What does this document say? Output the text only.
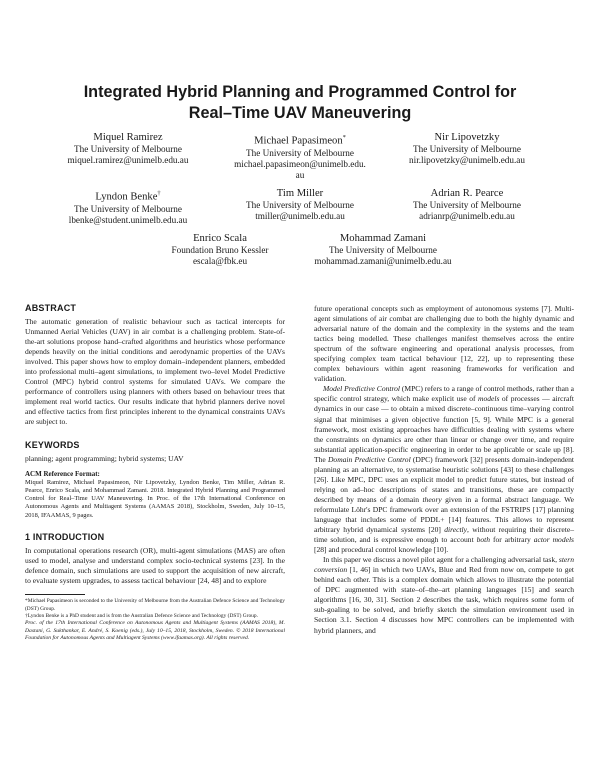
Integrated Hybrid Planning and Programmed Control for
Real–Time UAV Maneuvering
Miquel Ramirez
The University of Melbourne
miquel.ramirez@unimelb.edu.au
Michael Papasimeon*
The University of Melbourne
michael.papasimeon@unimelb.edu.
au
Nir Lipovetzky
The University of Melbourne
nir.lipovetzky@unimelb.edu.au
Lyndon Benke†
The University of Melbourne
lbenke@student.unimelb.edu.au
Tim Miller
The University of Melbourne
tmiller@unimelb.edu.au
Adrian R. Pearce
The University of Melbourne
adrianrp@unimelb.edu.au
Enrico Scala
Foundation Bruno Kessler
escala@fbk.eu
Mohammad Zamani
The University of Melbourne
mohammad.zamani@unimelb.edu.au
ABSTRACT

The automatic generation of realistic behaviour such as tactical intercepts for Unmanned Aerial Vehicles (UAV) in air combat is a challenging problem. State-of-the-art solutions propose hand–crafted algorithms and heuristics whose performance depends heavily on the initial conditions and aerodynamic properties of the UAVs involved. This paper shows how to employ domain–independent planners, embedded into professional multi–agent simulations, to implement two–level Model Predictive Control (MPC) hybrid control systems for simulated UAVs. We compare the performance of controllers using planners with others based on behaviour trees that implement real world tactics. Our results indicate that hybrid planners derive novel and effective tactics from first principles inherent to the dynamical constraints UAVs are subject to.

KEYWORDS

planning; agent programming; hybrid systems; UAV

ACM Reference Format:

Miquel Ramirez, Michael Papasimeon, Nir Lipovetzky, Lyndon Benke, Tim Miller, Adrian R. Pearce, Enrico Scala, and Mohammad Zamani. 2018. Integrated Hybrid Planning and Programmed Control for Real–Time UAV Maneuvering. In Proc. of the 17th International Conference on Autonomous Agents and Multiagent Systems (AAMAS 2018), Stockholm, Sweden, July 10–15, 2018, IFAAMAS, 9 pages.

1 INTRODUCTION

In computational operations research (OR), multi-agent simulations (MAS) are often used to model, analyse and understand complex socio-technical systems [23]. In the defence domain, such simulations are used to support the acquisition of new aircraft, to evaluate system upgrades, to assess tactical behaviour [24, 48] and to explore

*Michael Papasimeon is seconded to the University of Melbourne from the Australian Defence Science and Technology (DST) Group.

†Lyndon Benke is a PhD student and is from the Australian Defence Science and Technology (DST) Group.

Proc. of the 17th International Conference on Autonomous Agents and Multiagent Systems (AAMAS 2018), M. Dastani, G. Sukthankar, E. André, S. Koenig (eds.), July 10–15, 2018, Stockholm, Sweden. © 2018 International Foundation for Autonomous Agents and Multiagent Systems (www.ifaamas.org). All rights reserved.

future operational concepts such as employment of autonomous systems [7]. Multi-agent simulations of air combat are challenging due to both the highly dynamic and adversarial nature of the domain and the complexity in the systems and the team tactics being modelled. These challenges manifest themselves across the entire spectrum of the software engineering and operational analysis processes, from specifying complex team tactical behaviour [12, 22], up to representing these complex behaviours within agent reasoning frameworks for verification and validation.

Model Predictive Control (MPC) refers to a range of control methods, rather than a specific control strategy, which make explicit use of models of processes — aircraft dynamics in our case — to obtain a mixed discrete–continuous time–varying control signal that minimises a given objective function [5, 9]. While MPC is a general framework, most existing approaches have difficulties dealing with systems where the constraints on dynamics are other than linear or change over time, and require substantial application-specific engineering in order to be applicable or scale up [8]. The Domain Predictive Control (DPC) framework [32] presents domain-independent planning as an alternative, to systematise heuristic solutions [43] to these challenges [26]. Like MPC, DPC uses an explicit model to predict future states, but instead of relying on ad–hoc descriptions of states and transitions, these are compactly described by means of a domain theory given in a formal abstract language. We reformulate Löhr's DPC framework over an extension of the FSTRIPS [17] planning language that includes some of PDDL+ [14] features. This allows to represent arbitrary hybrid dynamical systems [20] directly, without requiring their discrete–time solution, and is expressive enough to account both for arbitrary actor models [28] and procedural control knowledge [10].

In this paper we discuss a novel pilot agent for a challenging adversarial task, stern conversion [1, 46] in which two UAVs, Blue and Red from now on, compete to get behind each other. This is a complex domain which allows to illustrate the potential of DPC augmented with state–of–the–art planning languages [15] and search algorithms [16, 30, 31]. Section 2 describes the task, which requires some form of sub-goaling to be solved, and briefly sketch the simulation environment used in Section 3.1. Section 4 discusses how MPC controllers can be implemented with hybrid planners, and
